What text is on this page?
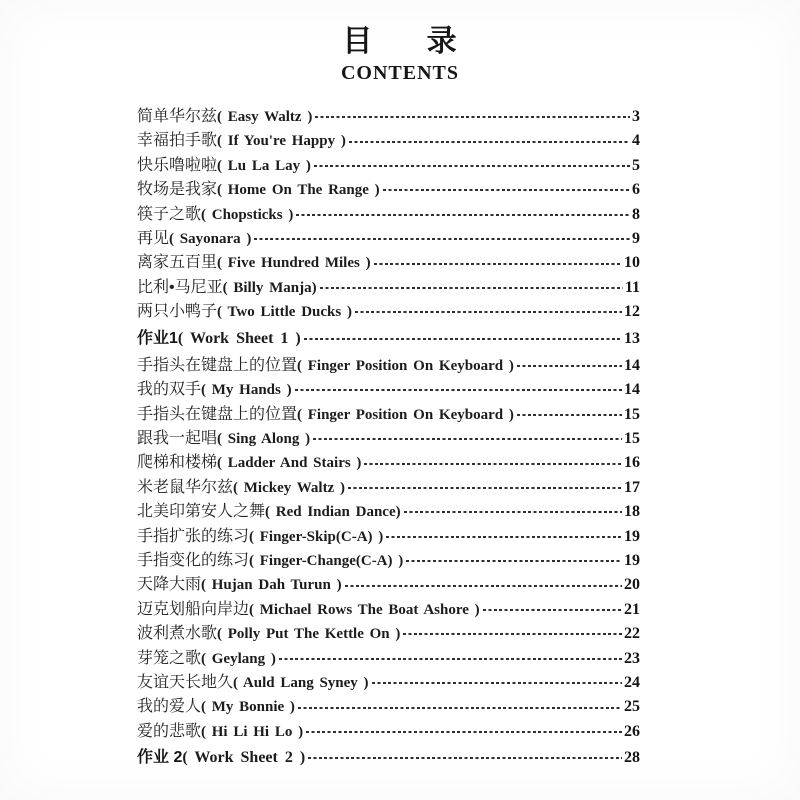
目 录
CONTENTS
简单华尔兹 ( Easy Waltz )	3
幸福拍手歌 ( If You're Happy )	4
快乐噜啦啦 ( Lu La Lay )	5
牧场是我家 ( Home On The Range )	6
筷子之歌 ( Chopsticks )	8
再见 ( Sayonara )	9
离家五百里 ( Five Hundred Miles )	10
比利•马尼亚 ( Billy Manja)	11
两只小鸭子 ( Two Little Ducks )	12
作业1 ( Work Sheet 1 )	13
手指头在键盘上的位置 ( Finger Position On Keyboard )	14
我的双手 ( My Hands )	14
手指头在键盘上的位置 ( Finger Position On Keyboard )	15
跟我一起唱 ( Sing Along )	15
爬梯和楼梯 ( Ladder And Stairs )	16
米老鼠华尔兹 ( Mickey Waltz )	17
北美印第安人之舞 ( Red Indian Dance)	18
手指扩张的练习 ( Finger-Skip(C-A) )	19
手指变化的练习 ( Finger-Change(C-A) )	19
天降大雨 ( Hujan Dah Turun )	20
迈克划船向岸边 ( Michael Rows The Boat Ashore )	21
波利煮水歌 ( Polly Put The Kettle On )	22
芽笼之歌 ( Geylang )	23
友谊天长地久 ( Auld Lang Syney )	24
我的爱人 ( My Bonnie )	25
爱的悲歌 ( Hi Li Hi Lo )	26
作业 2 ( Work Sheet 2 )	28
